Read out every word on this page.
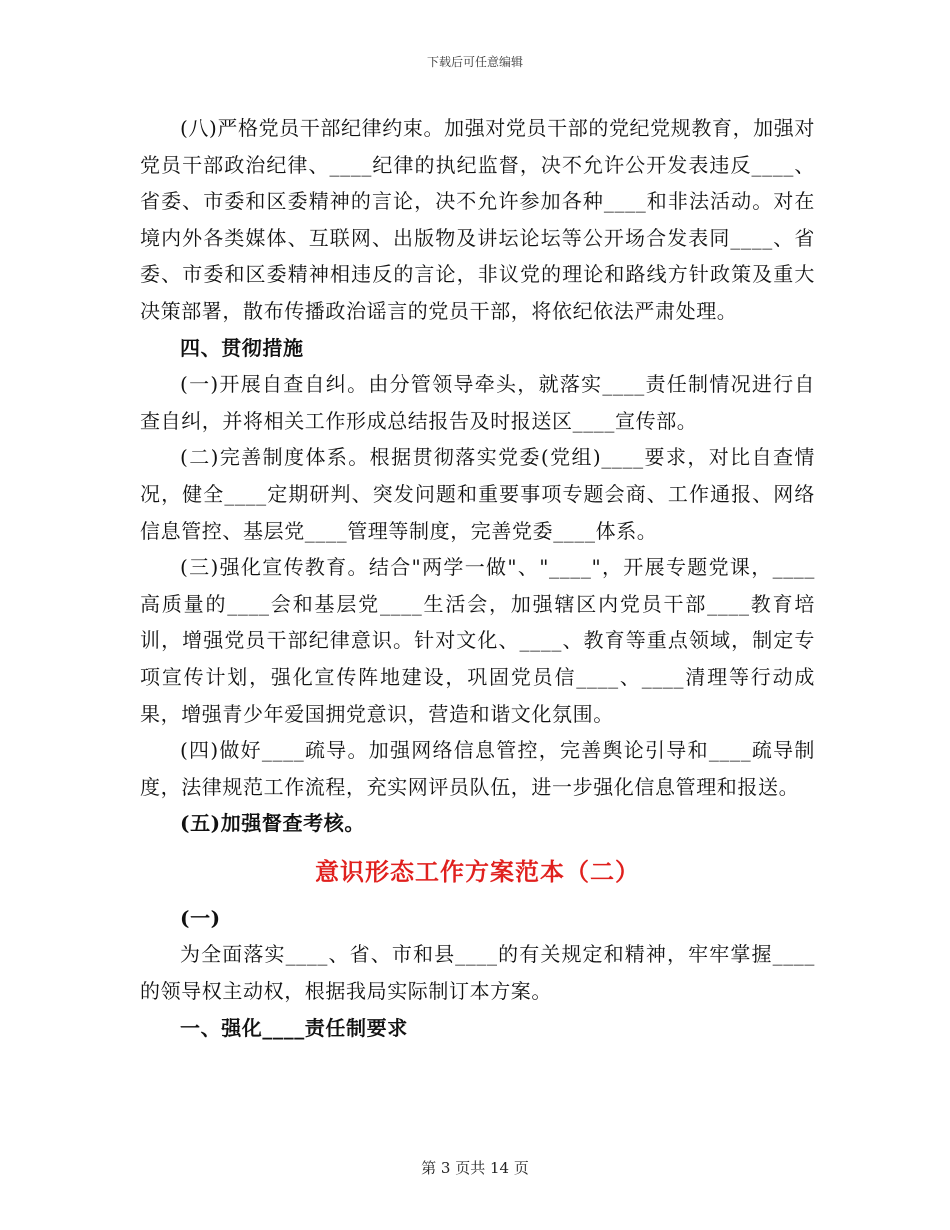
下载后可任意编辑

(八)严格党员干部纪律约束。加强对党员干部的党纪党规教育，加强对党员干部政治纪律、____纪律的执纪监督，决不允许公开发表违反____、省委、市委和区委精神的言论，决不允许参加各种____和非法活动。对在境内外各类媒体、互联网、出版物及讲坛论坛等公开场合发表同____、省委、市委和区委精神相违反的言论，非议党的理论和路线方针政策及重大决策部署，散布传播政治谣言的党员干部，将依纪依法严肃处理。

四、贯彻措施

(一)开展自查自纠。由分管领导牵头，就落实____责任制情况进行自查自纠，并将相关工作形成总结报告及时报送区____宣传部。

(二)完善制度体系。根据贯彻落实党委(党组)____要求，对比自查情况，健全____定期研判、突发问题和重要事项专题会商、工作通报、网络信息管控、基层党____管理等制度，完善党委____体系。

(三)强化宣传教育。结合"两学一做"、"____"，开展专题党课，____高质量的____会和基层党____生活会，加强辖区内党员干部____教育培训，增强党员干部纪律意识。针对文化、____、教育等重点领域，制定专项宣传计划，强化宣传阵地建设，巩固党员信____、____清理等行动成果，增强青少年爱国拥党意识，营造和谐文化氛围。

(四)做好____疏导。加强网络信息管控，完善舆论引导和____疏导制度，法律规范工作流程，充实网评员队伍，进一步强化信息管理和报送。

(五)加强督查考核。

意识形态工作方案范本（二）

(一)

为全面落实____、省、市和县____的有关规定和精神，牢牢掌握____的领导权主动权，根据我局实际制订本方案。

一、强化____责任制要求

第 3 页共 14 页
